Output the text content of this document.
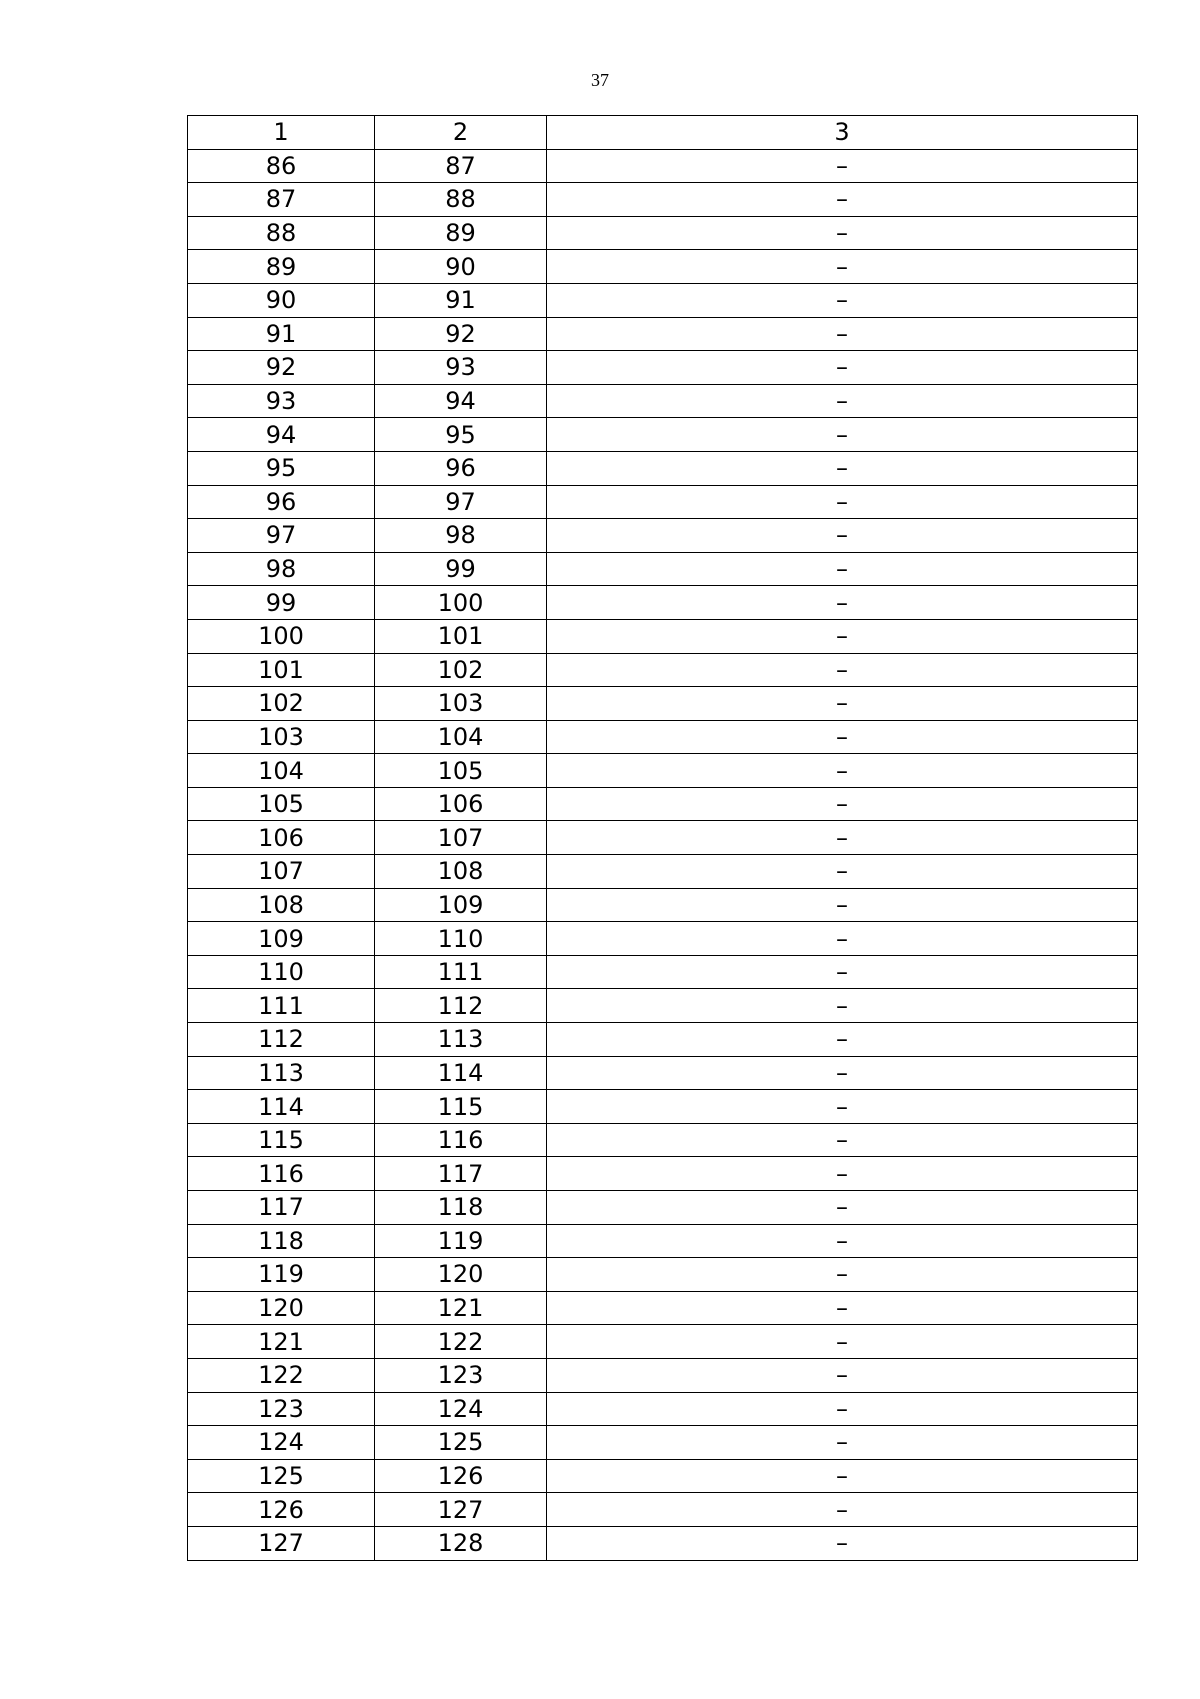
37
1	2	3
86	87	–
87	88	–
88	89	–
89	90	–
90	91	–
91	92	–
92	93	–
93	94	–
94	95	–
95	96	–
96	97	–
97	98	–
98	99	–
99	100	–
100	101	–
101	102	–
102	103	–
103	104	–
104	105	–
105	106	–
106	107	–
107	108	–
108	109	–
109	110	–
110	111	–
111	112	–
112	113	–
113	114	–
114	115	–
115	116	–
116	117	–
117	118	–
118	119	–
119	120	–
120	121	–
121	122	–
122	123	–
123	124	–
124	125	–
125	126	–
126	127	–
127	128	–
